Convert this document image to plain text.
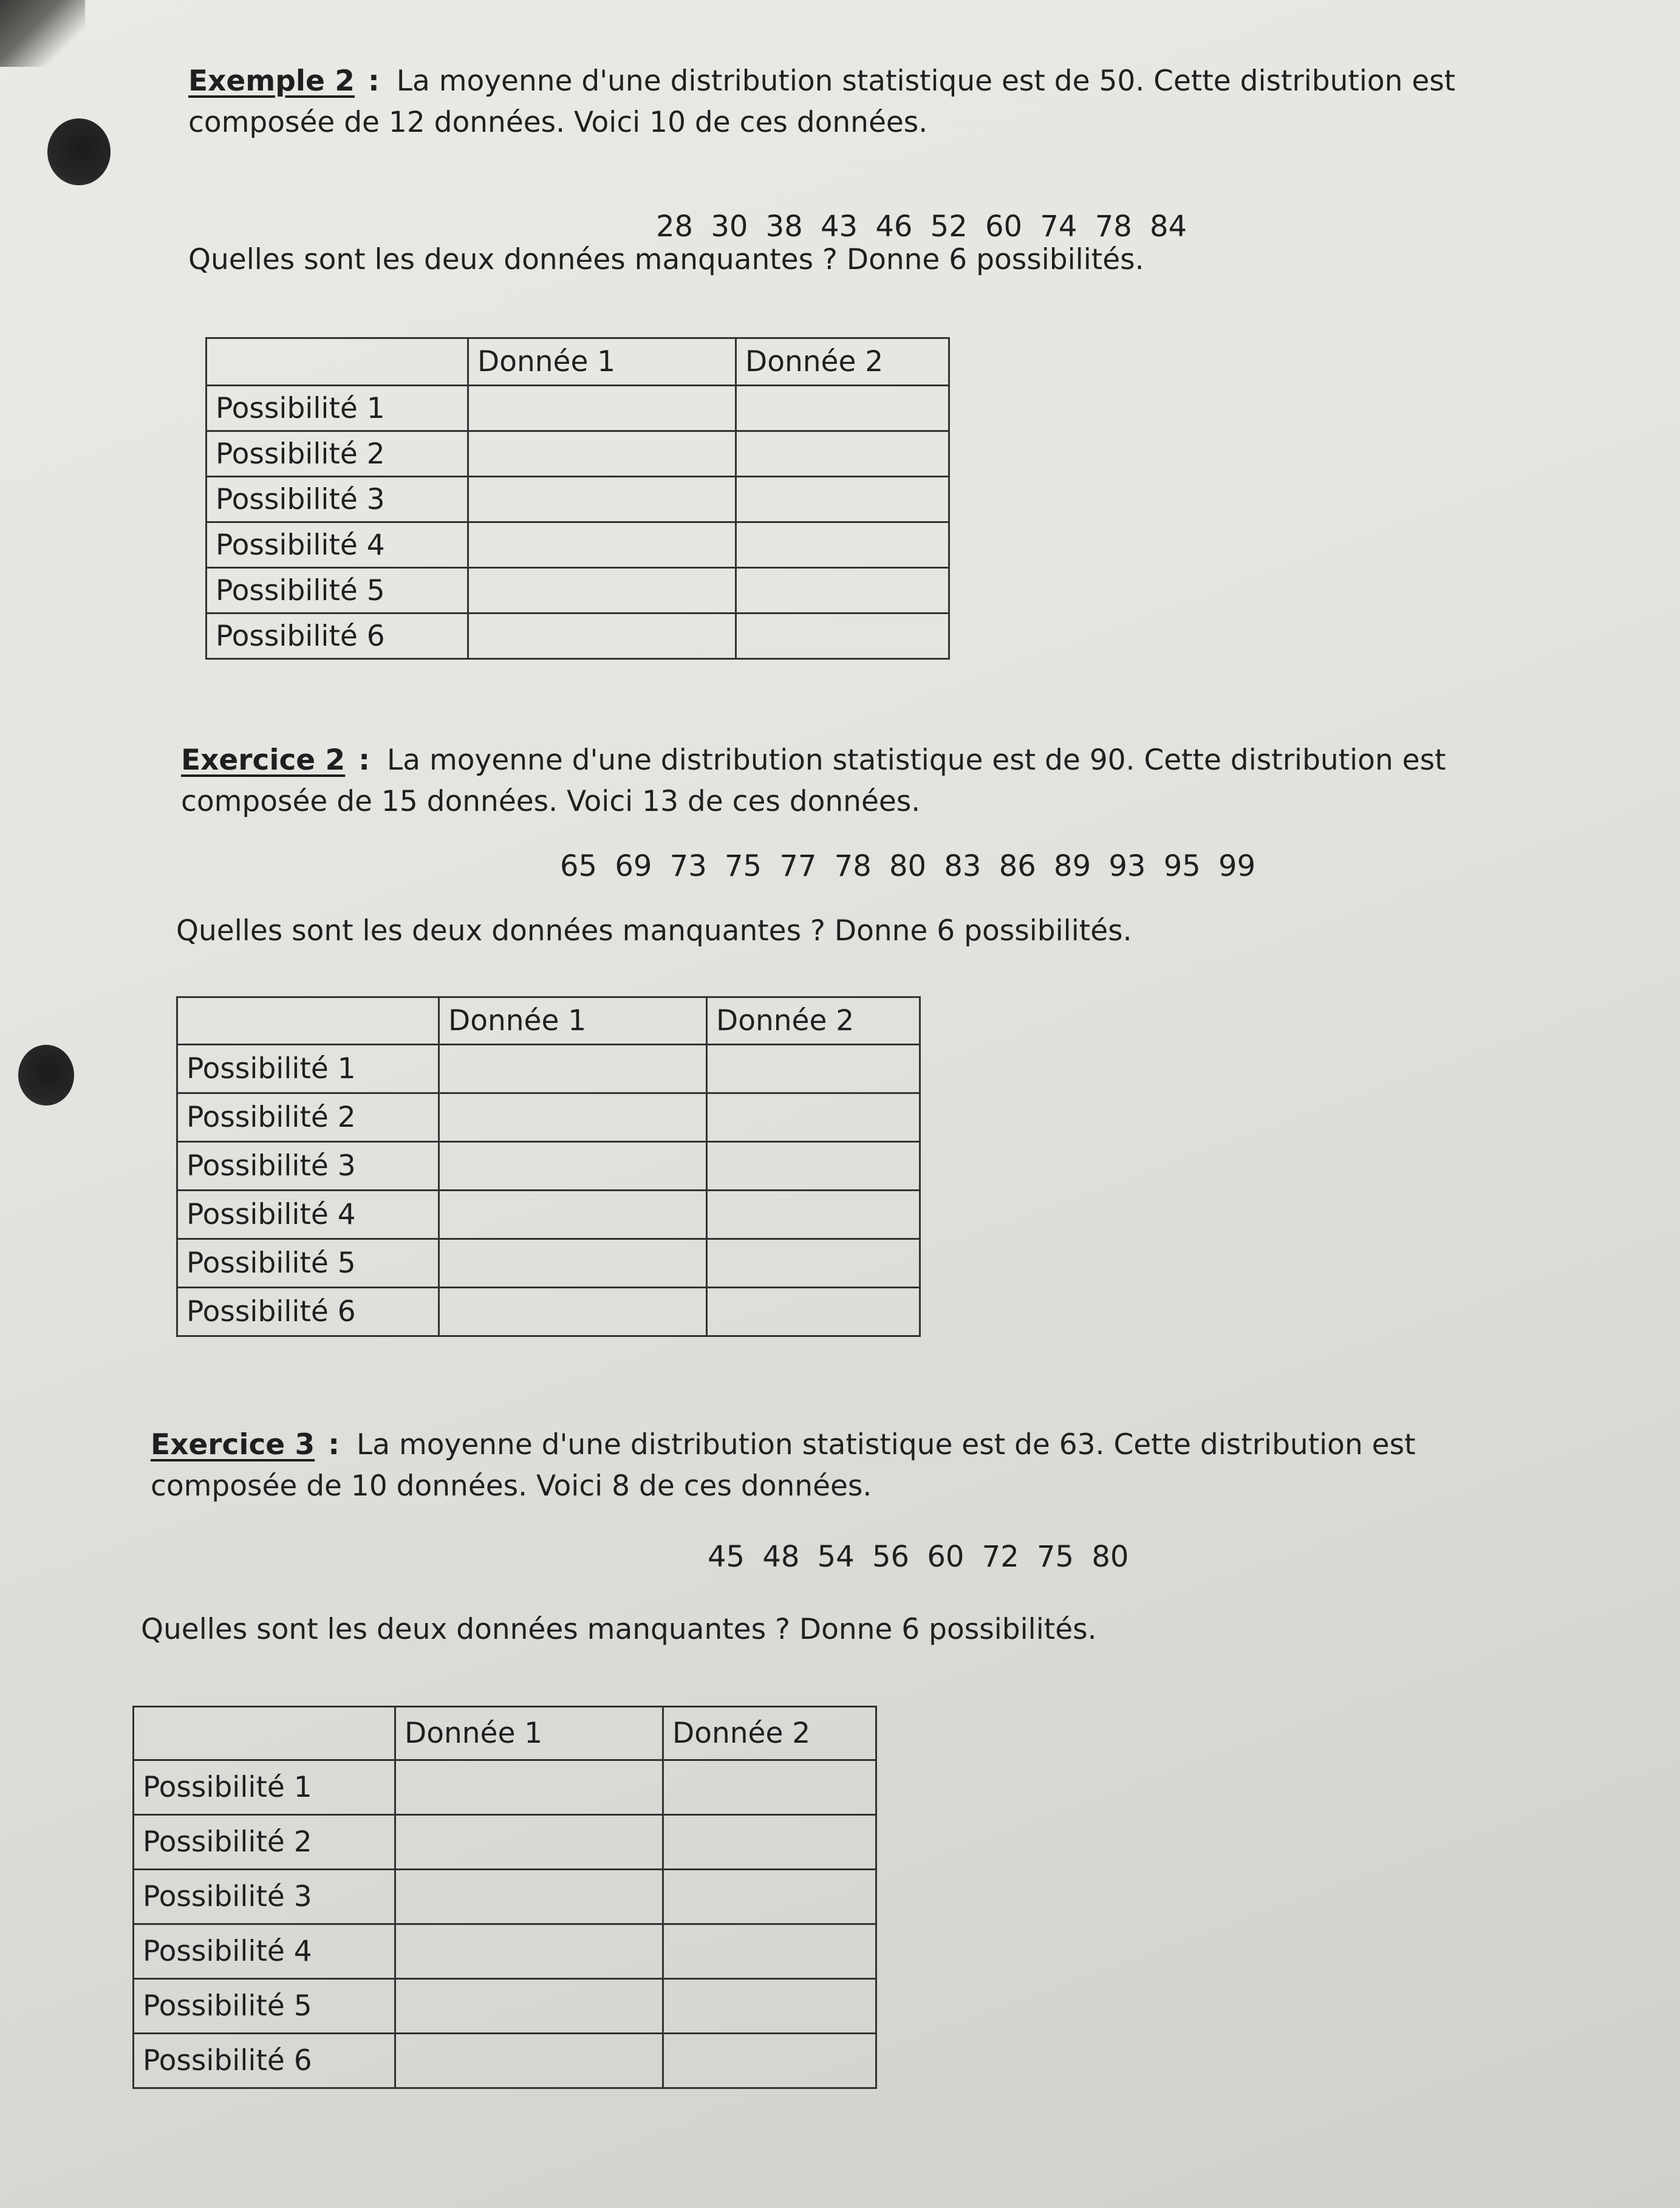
Exemple 2 : La moyenne d'une distribution statistique est de 50. Cette distribution est
composée de 12 données. Voici 10 de ces données.
28 30 38 43 46 52 60 74 78 84
Quelles sont les deux données manquantes ? Donne 6 possibilités.
	Donnée 1	Donnée 2
Possibilité 1		
Possibilité 2		
Possibilité 3		
Possibilité 4		
Possibilité 5		
Possibilité 6		
Exercice 2 : La moyenne d'une distribution statistique est de 90. Cette distribution est
composée de 15 données. Voici 13 de ces données.
65 69 73 75 77 78 80 83 86 89 93 95 99
Quelles sont les deux données manquantes ? Donne 6 possibilités.
	Donnée 1	Donnée 2
Possibilité 1		
Possibilité 2		
Possibilité 3		
Possibilité 4		
Possibilité 5		
Possibilité 6		
Exercice 3 : La moyenne d'une distribution statistique est de 63. Cette distribution est
composée de 10 données. Voici 8 de ces données.
45 48 54 56 60 72 75 80
Quelles sont les deux données manquantes ? Donne 6 possibilités.
	Donnée 1	Donnée 2
Possibilité 1		
Possibilité 2		
Possibilité 3		
Possibilité 4		
Possibilité 5		
Possibilité 6		
